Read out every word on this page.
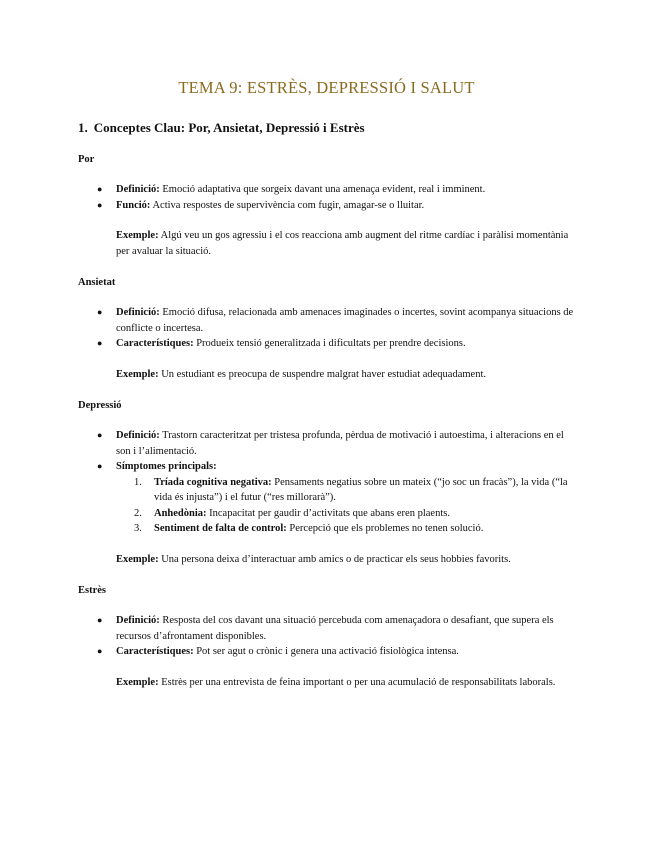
TEMA 9: ESTRÈS, DEPRESSIÓ I SALUT
1. Conceptes Clau: Por, Ansietat, Depressió i Estrès
Por
● Definició: Emoció adaptativa que sorgeix davant una amenaça evident, real i imminent.
● Funció: Activa respostes de supervivència com fugir, amagar-se o lluitar.

Exemple: Algú veu un gos agressiu i el cos reacciona amb augment del ritme cardíac i paràlisi momentània per avaluar la situació.

Ansietat
● Definició: Emoció difusa, relacionada amb amenaces imaginades o incertes, sovint acompanya situacions de conflicte o incertesa.
● Característiques: Produeix tensió generalitzada i dificultats per prendre decisions.

Exemple: Un estudiant es preocupa de suspendre malgrat haver estudiat adequadament.

Depressió
● Definició: Trastorn caracteritzat per tristesa profunda, pèrdua de motivació i autoestima, i alteracions en el son i l’alimentació.
● Símptomes principals:
1. Tríada cognitiva negativa: Pensaments negatius sobre un mateix (“jo soc un fracàs”), la vida (“la vida és injusta”) i el futur (“res millorarà”).
2. Anhedònia: Incapacitat per gaudir d’activitats que abans eren plaents.
3. Sentiment de falta de control: Percepció que els problemes no tenen solució.

Exemple: Una persona deixa d’interactuar amb amics o de practicar els seus hobbies favorits.

Estrès
● Definició: Resposta del cos davant una situació percebuda com amenaçadora o desafiant, que supera els recursos d’afrontament disponibles.
● Característiques: Pot ser agut o crònic i genera una activació fisiològica intensa.

Exemple: Estrès per una entrevista de feina important o per una acumulació de responsabilitats laborals.
